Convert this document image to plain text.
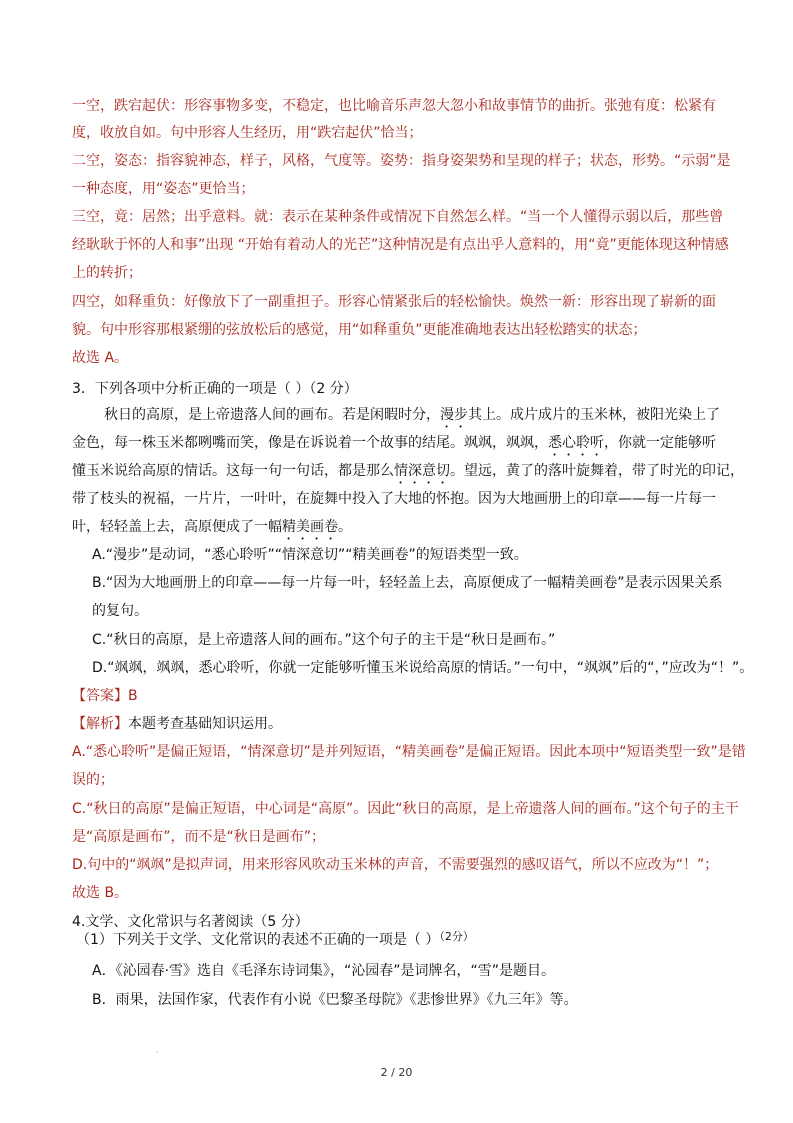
一空，跌宕起伏：形容事物多变，不稳定，也比喻音乐声忽大忽小和故事情节的曲折。张弛有度：松紧有
度，收放自如。句中形容人生经历，用“跌宕起伏”恰当；
二空，姿态：指容貌神态，样子，风格，气度等。姿势：指身姿架势和呈现的样子；状态，形势。“示弱”是
一种态度，用“姿态”更恰当；
三空，竟：居然；出乎意料。就：表示在某种条件或情况下自然怎么样。“当一个人懂得示弱以后，那些曾
经耿耿于怀的人和事”出现 “开始有着动人的光芒”这种情况是有点出乎人意料的，用“竟”更能体现这种情感
上的转折；
四空，如释重负：好像放下了一副重担子。形容心情紧张后的轻松愉快。焕然一新：形容出现了崭新的面
貌。句中形容那根紧绷的弦放松后的感觉，用“如释重负”更能准确地表达出轻松踏实的状态；
故选 A。
3．下列各项中分析正确的一项是（ ）（2 分）
秋日的高原，是上帝遗落人间的画布。若是闲暇时分，漫步其上。成片成片的玉米林，被阳光染上了
金色，每一株玉米都咧嘴而笑，像是在诉说着一个故事的结尾。飒飒，飒飒，悉心聆听，你就一定能够听
懂玉米说给高原的情话。这每一句一句话，都是那么情深意切。望远，黄了的落叶旋舞着，带了时光的印记，
带了枝头的祝福，一片片，一叶叶，在旋舞中投入了大地的怀抱。因为大地画册上的印章——每一片每一
叶，轻轻盖上去，高原便成了一幅精美画卷。
A.“漫步”是动词，“悉心聆听”“情深意切”“精美画卷”的短语类型一致。
B.“因为大地画册上的印章——每一片每一叶，轻轻盖上去，高原便成了一幅精美画卷”是表示因果关系
的复句。
C.“秋日的高原，是上帝遗落人间的画布。”这个句子的主干是“秋日是画布。”
D.“飒飒，飒飒，悉心聆听，你就一定能够听懂玉米说给高原的情话。”一句中，“飒飒”后的“，”应改为“！”。
【答案】B
【解析】本题考查基础知识运用。
A.“悉心聆听”是偏正短语，“情深意切”是并列短语，“精美画卷”是偏正短语。因此本项中“短语类型一致”是错
误的；
C.“秋日的高原”是偏正短语，中心词是“高原”。因此“秋日的高原，是上帝遗落人间的画布。”这个句子的主干
是“高原是画布”，而不是“秋日是画布”；
D.句中的“飒飒”是拟声词，用来形容风吹动玉米林的声音，不需要强烈的感叹语气，所以不应改为“！”；
故选 B。
4.文学、文化常识与名著阅读（5 分）
（1）下列关于文学、文化常识的表述不正确的一项是（ ）$^{(2分)}$
A．《沁园春·雪》选自《毛泽东诗词集》，“沁园春”是词牌名，“雪”是题目。
B．雨果，法国作家，代表作有小说《巴黎圣母院》《悲惨世界》《九三年》等。
·
2 / 20
